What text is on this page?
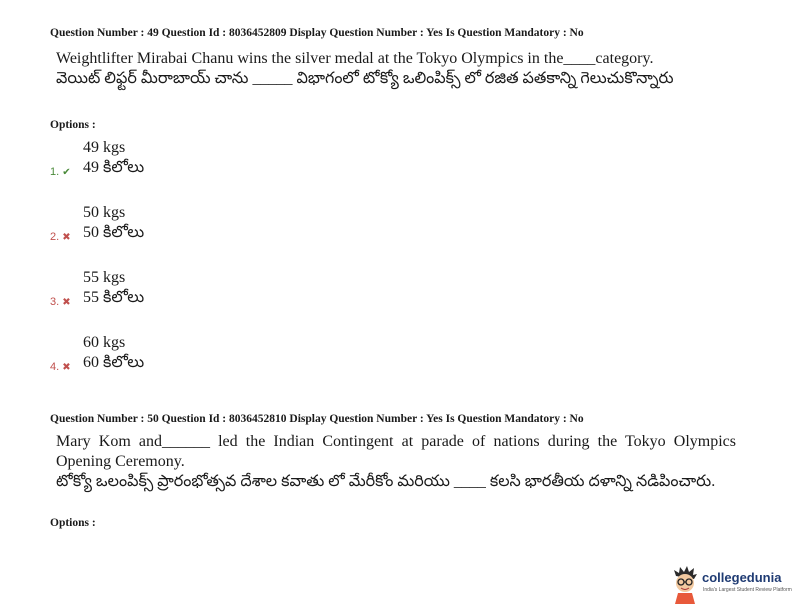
Question Number : 49 Question Id : 8036452809 Display Question Number : Yes Is Question Mandatory : No
Weightlifter Mirabai Chanu wins the silver medal at the Tokyo Olympics in the____category.
వెయిట్ లిఫ్టర్ మీరాబాయ్ చాను _____ విభాగంలో టోక్యో ఒలింపిక్స్ లో రజిత పతకాన్ని గెలుచుకొన్నారు
Options :
1. ✔
49 kgs
49 కిలోలు
2. ✖
50 kgs
50 కిలోలు
3. ✖
55 kgs
55 కిలోలు
4. ✖
60 kgs
60 కిలోలు
Question Number : 50 Question Id : 8036452810 Display Question Number : Yes Is Question Mandatory : No
Mary Kom and______ led the Indian Contingent at parade of nations during the Tokyo Olympics Opening Ceremony.
టోక్యో ఒలంపిక్స్ ప్రారంభోత్సవ దేశాల కవాతు లో మేరీకోం మరియు ____ కలసి భారతీయ దళాన్ని నడిపించారు.
Options :
collegedunia
India's Largest Student Review Platform
